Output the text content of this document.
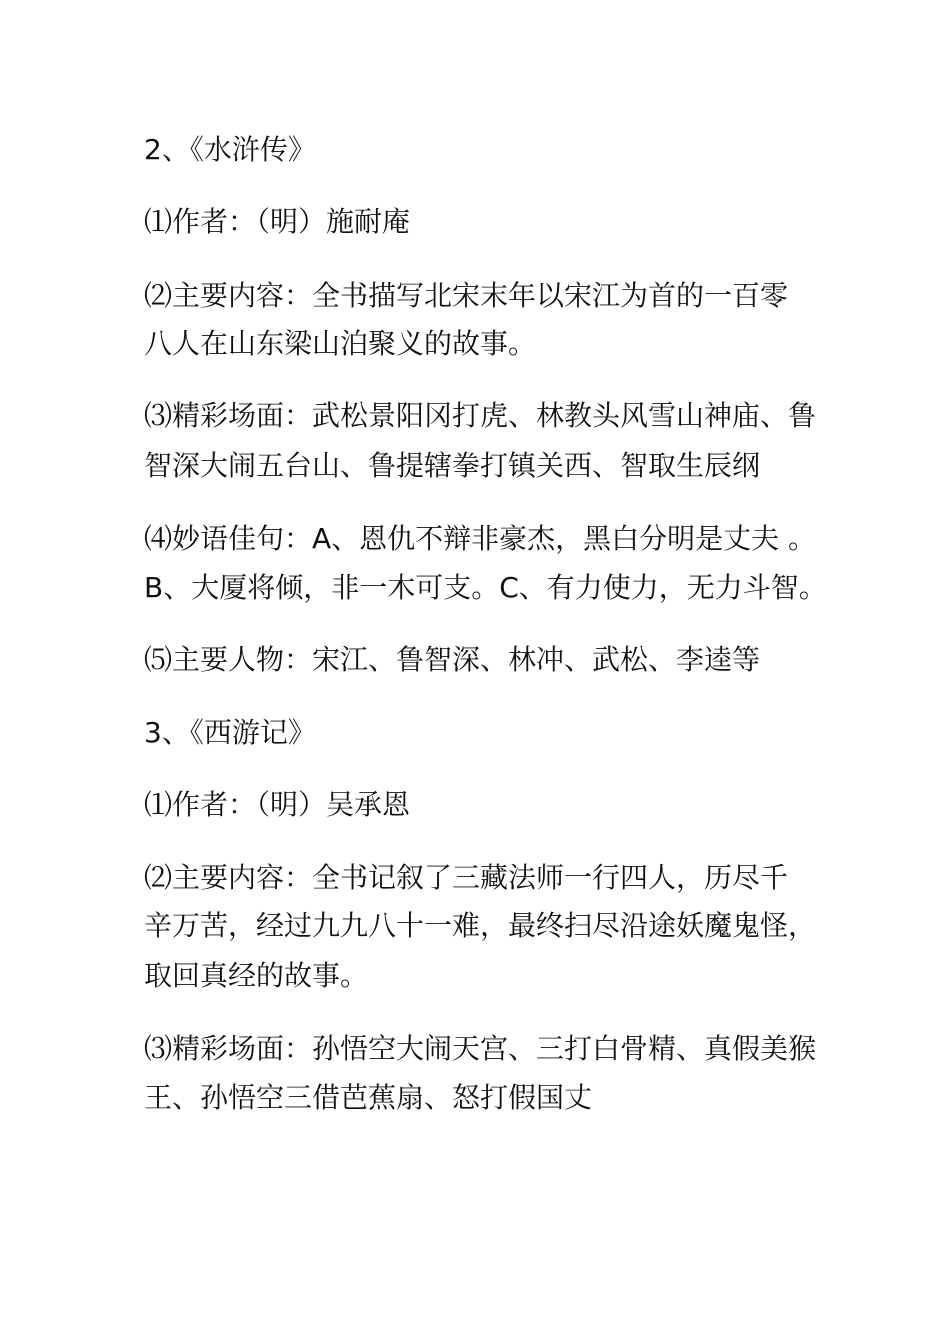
2、《水浒传》
⑴作者：（明）施耐庵
⑵主要内容：全书描写北宋末年以宋江为首的一百零
八人在山东梁山泊聚义的故事。
⑶精彩场面：武松景阳冈打虎、林教头风雪山神庙、鲁
智深大闹五台山、鲁提辖拳打镇关西、智取生辰纲
⑷妙语佳句：A、恩仇不辩非豪杰，黑白分明是丈夫 。
B、大厦将倾，非一木可支。C、有力使力，无力斗智。
⑸主要人物：宋江、鲁智深、林冲、武松、李逵等
3、《西游记》
⑴作者：（明）吴承恩
⑵主要内容：全书记叙了三藏法师一行四人，历尽千
辛万苦，经过九九八十一难，最终扫尽沿途妖魔鬼怪，
取回真经的故事。
⑶精彩场面：孙悟空大闹天宫、三打白骨精、真假美猴
王、孙悟空三借芭蕉扇、怒打假国丈
